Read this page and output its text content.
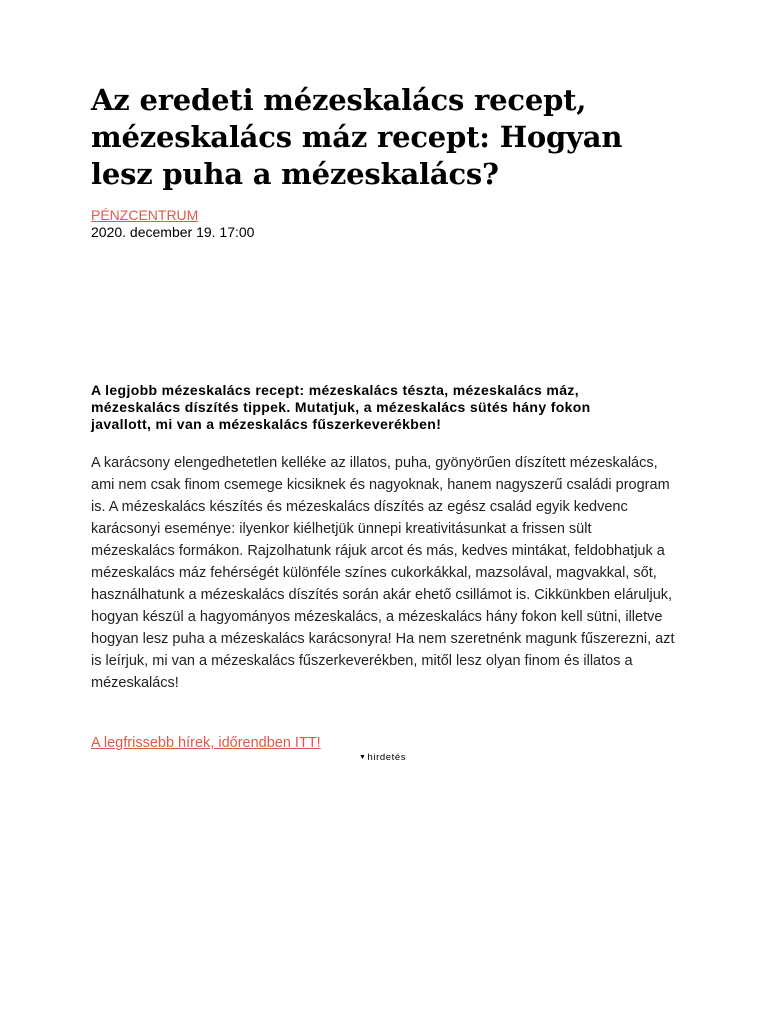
Az eredeti mézeskalács recept, mézeskalács máz recept: Hogyan lesz puha a mézeskalács?
PÉNZCENTRUM
2020. december 19. 17:00

A legjobb mézeskalács recept: mézeskalács tészta, mézeskalács máz, mézeskalács díszítés tippek. Mutatjuk, a mézeskalács sütés hány fokon javallott, mi van a mézeskalács fűszerkeverékben!

A karácsony elengedhetetlen kelléke az illatos, puha, gyönyörűen díszített mézeskalács, ami nem csak finom csemege kicsiknek és nagyoknak, hanem nagyszerű családi program is. A mézeskalács készítés és mézeskalács díszítés az egész család egyik kedvenc karácsonyi eseménye: ilyenkor kiélhetjük ünnepi kreativitásunkat a frissen sült mézeskalács formákon. Rajzolhatunk rájuk arcot és más, kedves mintákat, feldobhatjuk a mézeskalács máz fehérségét különféle színes cukorkákkal, mazsolával, magvakkal, sőt, használhatunk a mézeskalács díszítés során akár ehető csillámot is. Cikkünkben eláruljuk, hogyan készül a hagyományos mézeskalács, a mézeskalács hány fokon kell sütni, illetve hogyan lesz puha a mézeskalács karácsonyra! Ha nem szeretnénk magunk fűszerezni, azt is leírjuk, mi van a mézeskalács fűszerkeverékben, mitől lesz olyan finom és illatos a mézeskalács!

A legfrissebb hírek, időrendben ITT!
▼ hirdetés
